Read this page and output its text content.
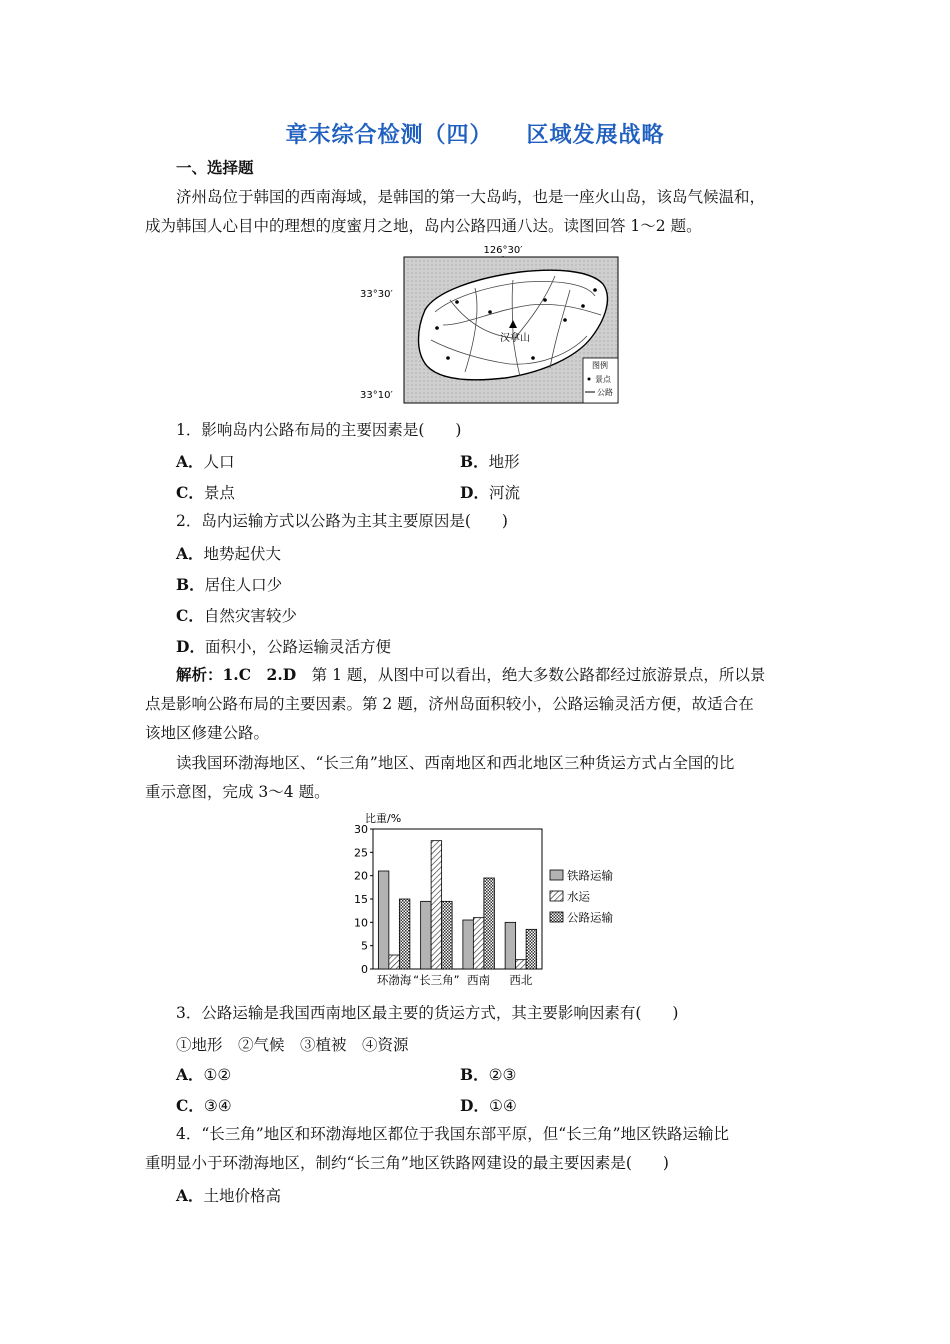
章末综合检测（四） 区域发展战略
一、选择题
济州岛位于韩国的西南海域，是韩国的第一大岛屿，也是一座火山岛，该岛气候温和，
成为韩国人心目中的理想的度蜜月之地，岛内公路四通八达。读图回答 1～2 题。
126°30′
33°30′
33°10′
汉拿山
图例
景点
公路
1．影响岛内公路布局的主要因素是(　　)
A．人口	B．地形
C．景点	D．河流
2．岛内运输方式以公路为主其主要原因是(　　)
A．地势起伏大
B．居住人口少
C．自然灾害较少
D．面积小，公路运输灵活方便
解析：1.C　2.D　第 1 题，从图中可以看出，绝大多数公路都经过旅游景点，所以景
点是影响公路布局的主要因素。第 2 题，济州岛面积较小，公路运输灵活方便，故适合在
该地区修建公路。
读我国环渤海地区、“长三角”地区、西南地区和西北地区三种货运方式占全国的比
重示意图，完成 3～4 题。
比重/%
0
5
10
15
20
25
30
环渤海 “长三角” 西南 西北
铁路运输
水运
公路运输
3．公路运输是我国西南地区最主要的货运方式，其主要影响因素有(　　)
①地形　②气候　③植被　④资源
A．①②	B．②③
C．③④	D．①④
4．“长三角”地区和环渤海地区都位于我国东部平原，但“长三角”地区铁路运输比
重明显小于环渤海地区，制约“长三角”地区铁路网建设的最主要因素是(　　)
A．土地价格高
